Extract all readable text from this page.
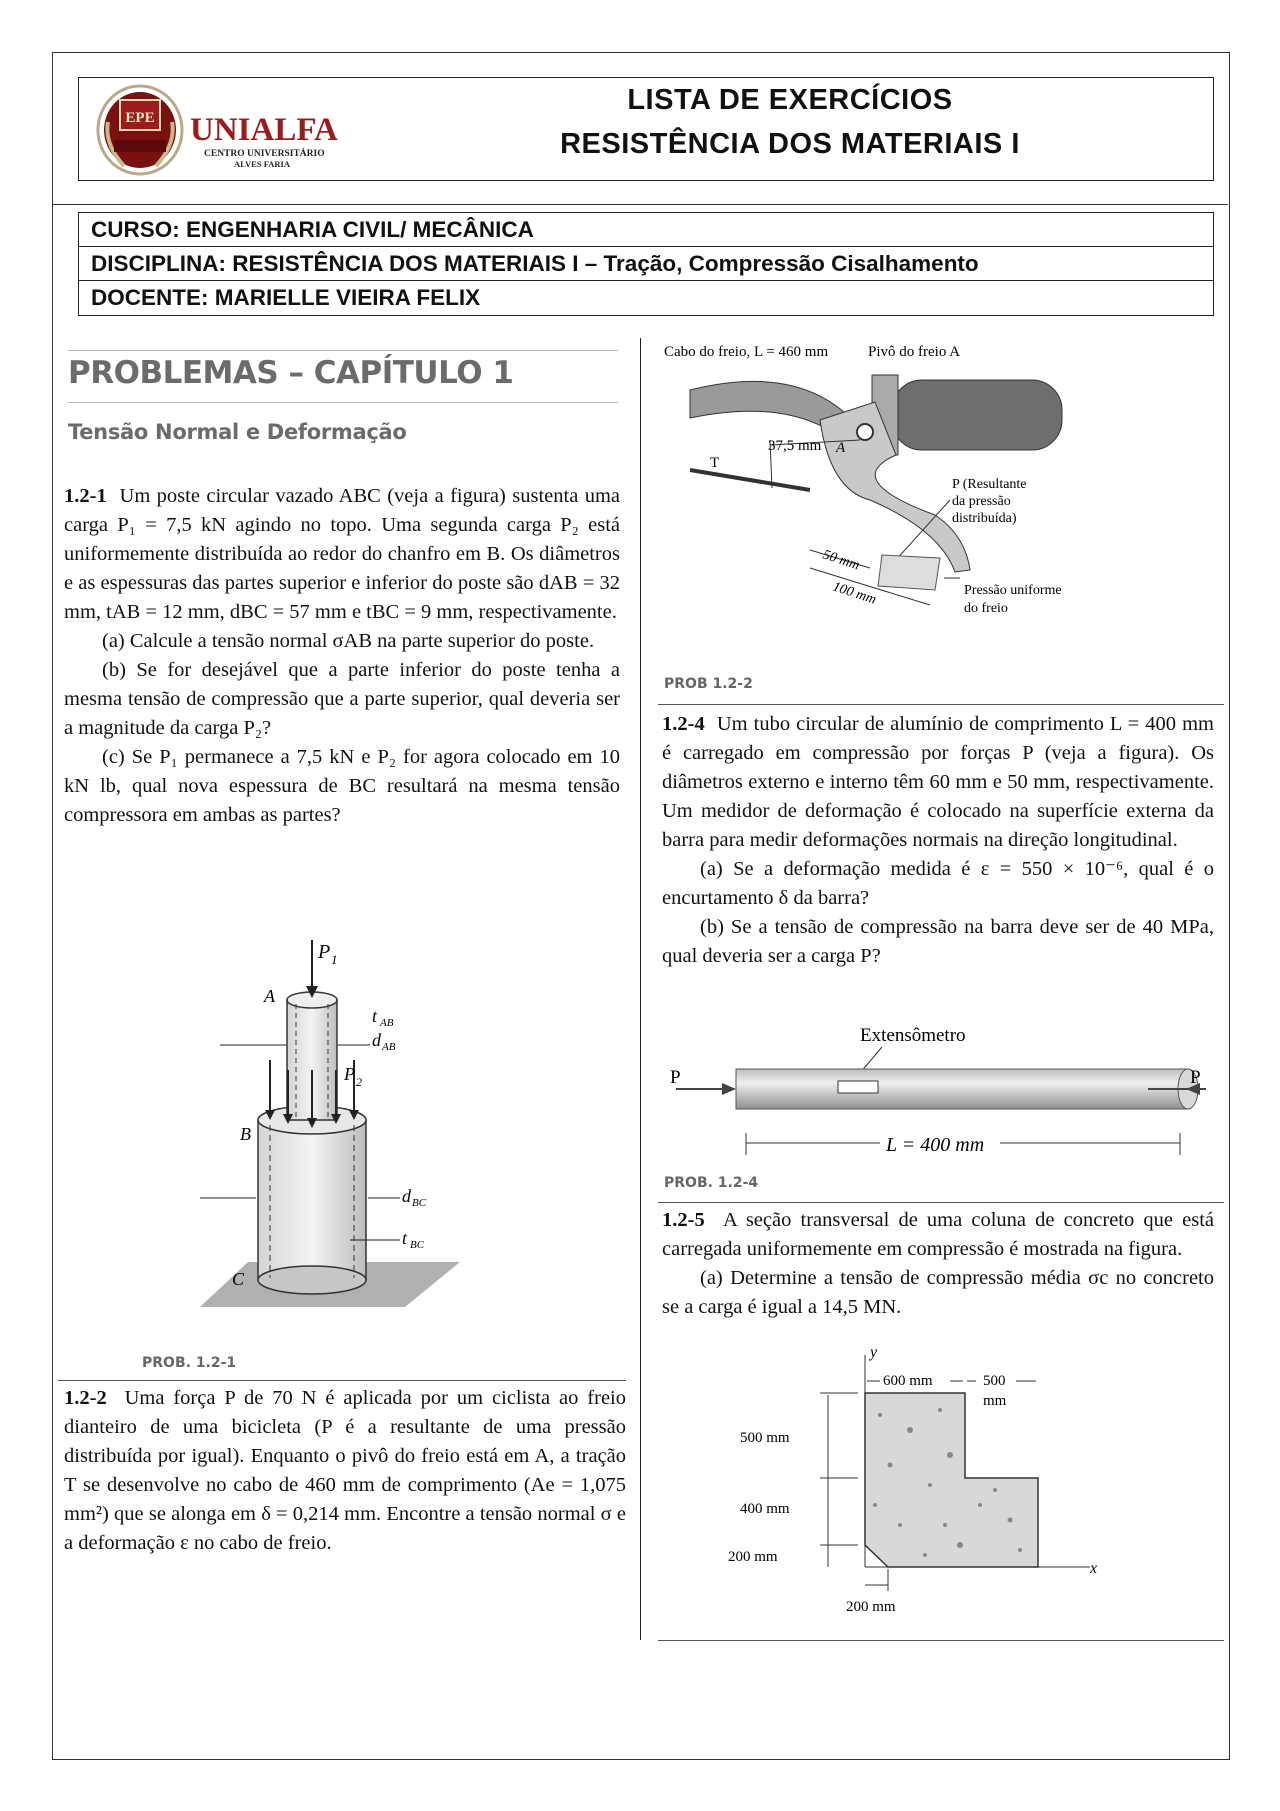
EPE UNIALFA
CENTRO UNIVERSITÁRIO
ALVES FARIA
LISTA DE EXERCÍCIOS
RESISTÊNCIA DOS MATERIAIS I
CURSO: ENGENHARIA CIVIL/ MECÂNICA
DISCIPLINA: RESISTÊNCIA DOS MATERIAIS I – Tração, Compressão Cisalhamento
DOCENTE: MARIELLE VIEIRA FELIX
PROBLEMAS – CAPÍTULO 1
Tensão Normal e Deformação

1.2-1 Um poste circular vazado ABC (veja a figura) sustenta uma carga P₁ = 7,5 kN agindo no topo. Uma segunda carga P₂ está uniformemente distribuída ao redor do chanfro em B. Os diâmetros e as espessuras das partes superior e inferior do poste são dAB = 32 mm, tAB = 12 mm, dBC = 57 mm e tBC = 9 mm, respectivamente.

(a) Calcule a tensão normal σAB na parte superior do poste.

(b) Se for desejável que a parte inferior do poste tenha a mesma tensão de compressão que a parte superior, qual deveria ser a magnitude da carga P₂?

(c) Se P₁ permanece a 7,5 kN e P₂ for agora colocado em 10 kN lb, qual nova espessura de BC resultará na mesma tensão compressora em ambas as partes?

P 1
A
t AB
d AB
P 2
B
d BC
t BC
C
PROB. 1.2-1

1.2-2 Uma força P de 70 N é aplicada por um ciclista ao freio dianteiro de uma bicicleta (P é a resultante de uma pressão distribuída por igual). Enquanto o pivô do freio está em A, a tração T se desenvolve no cabo de 460 mm de comprimento (Ae = 1,075 mm²) que se alonga em δ = 0,214 mm. Encontre a tensão normal σ e a deformação ε no cabo de freio.

Cabo do freio, L = 460 mm	Pivô do freio A
37,5 mm A
T
P (Resultante
da pressão
distribuída)
50 mm
100 mm	Pressão uniforme
do freio
PROB 1.2-2

1.2-4 Um tubo circular de alumínio de comprimento L = 400 mm é carregado em compressão por forças P (veja a figura). Os diâmetros externo e interno têm 60 mm e 50 mm, respectivamente. Um medidor de deformação é colocado na superfície externa da barra para medir deformações normais na direção longitudinal.

(a) Se a deformação medida é ε = 550 × 10⁻⁶, qual é o encurtamento δ da barra?

(b) Se a tensão de compressão na barra deve ser de 40 MPa, qual deveria ser a carga P?

Extensômetro
P	P
L = 400 mm
PROB. 1.2-4

1.2-5 A seção transversal de uma coluna de concreto que está carregada uniformemente em compressão é mostrada na figura.

(a) Determine a tensão de compressão média σc no concreto se a carga é igual a 14,5 MN.

y
x
600 mm	500
mm
500 mm
400 mm
200 mm
200 mm
